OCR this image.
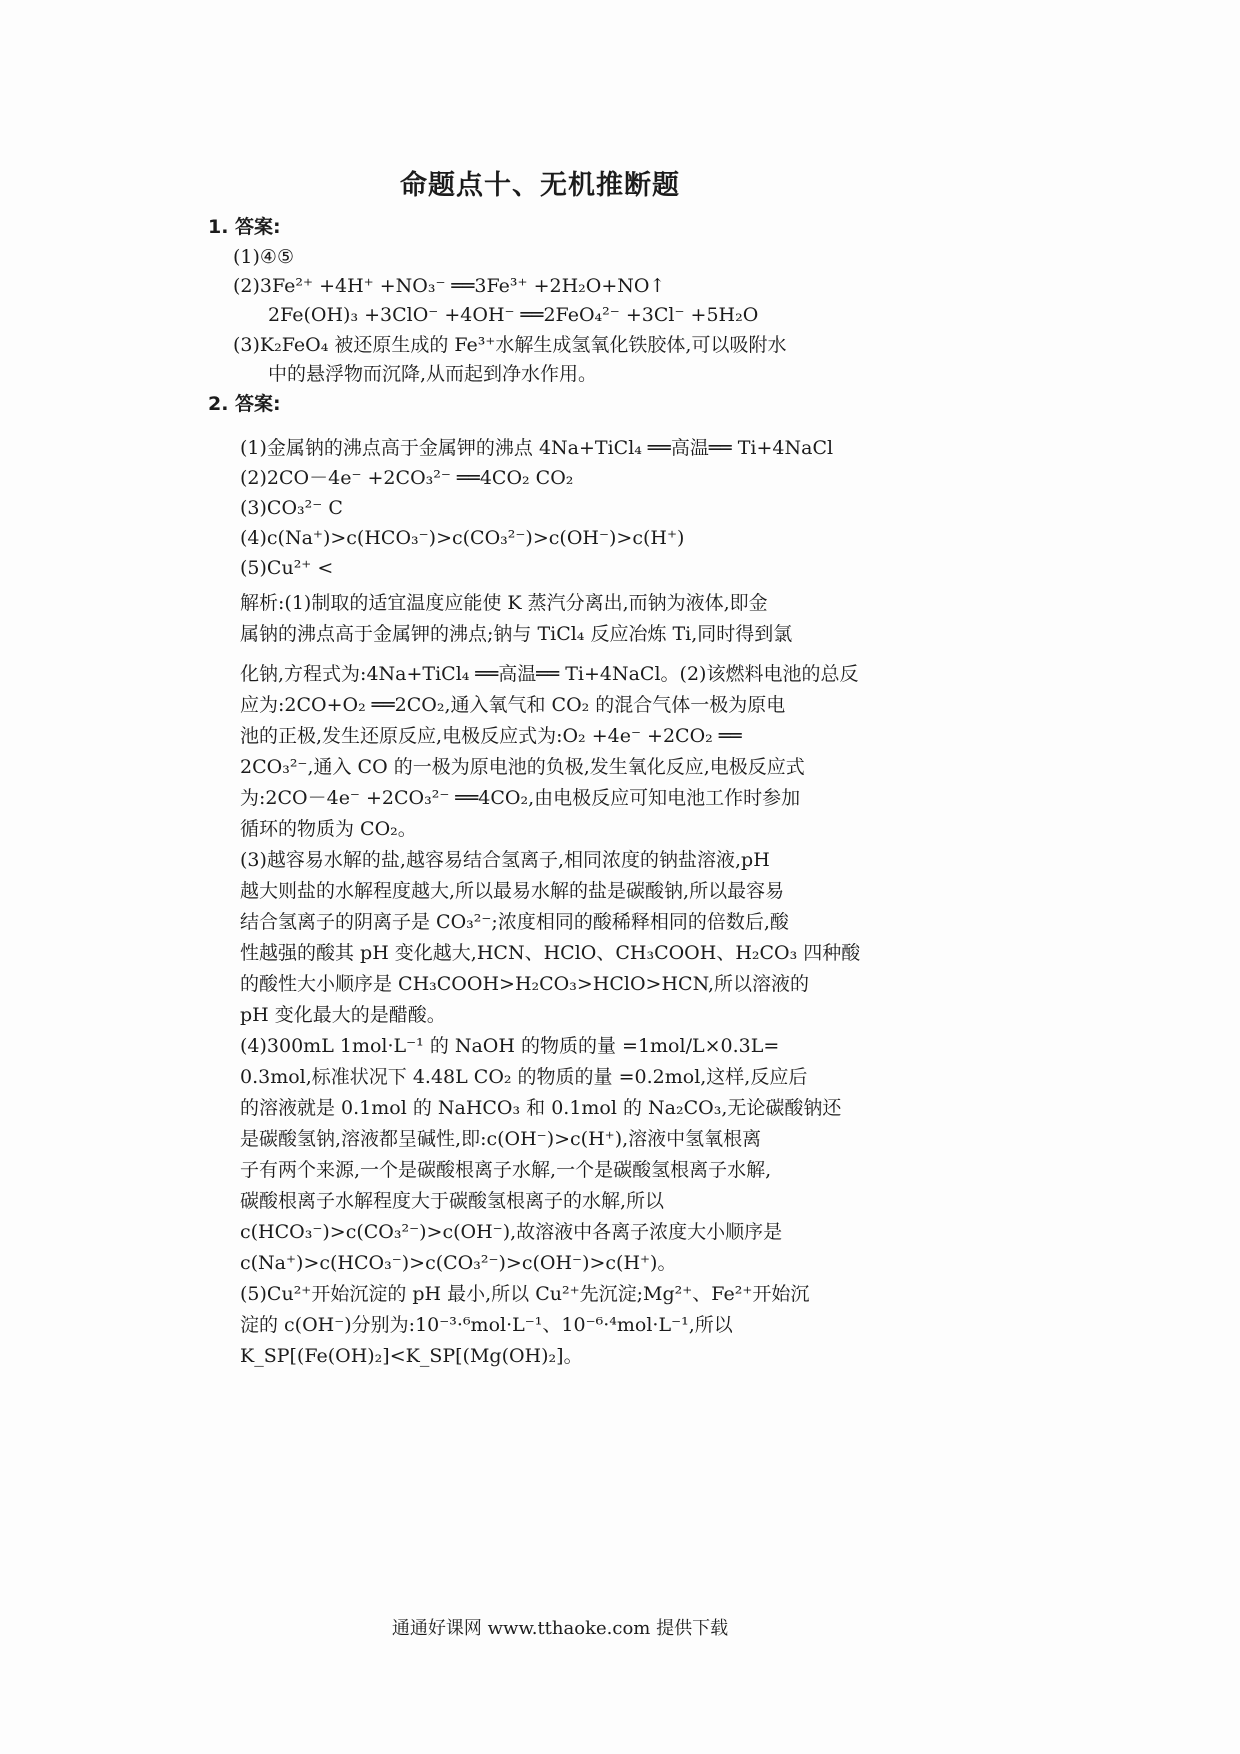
命题点十、无机推断题
1. 答案:
(1)④⑤
(2)3Fe²⁺ +4H⁺ +NO₃⁻ ══3Fe³⁺ +2H₂O+NO↑
2Fe(OH)₃ +3ClO⁻ +4OH⁻ ══2FeO₄²⁻ +3Cl⁻ +5H₂O
(3)K₂FeO₄ 被还原生成的 Fe³⁺水解生成氢氧化铁胶体,可以吸附水
中的悬浮物而沉降,从而起到净水作用。
2. 答案:
(1)金属钠的沸点高于金属钾的沸点 4Na+TiCl₄ ══高温══ Ti+4NaCl
(2)2CO－4e⁻ +2CO₃²⁻ ══4CO₂ CO₂
(3)CO₃²⁻ C
(4)c(Na⁺)>c(HCO₃⁻)>c(CO₃²⁻)>c(OH⁻)>c(H⁺)
(5)Cu²⁺ <
解析:(1)制取的适宜温度应能使 K 蒸汽分离出,而钠为液体,即金
属钠的沸点高于金属钾的沸点;钠与 TiCl₄ 反应冶炼 Ti,同时得到氯
化钠,方程式为:4Na+TiCl₄ ══高温══ Ti+4NaCl。(2)该燃料电池的总反
应为:2CO+O₂ ══2CO₂,通入氧气和 CO₂ 的混合气体一极为原电
池的正极,发生还原反应,电极反应式为:O₂ +4e⁻ +2CO₂ ══
2CO₃²⁻,通入 CO 的一极为原电池的负极,发生氧化反应,电极反应式
为:2CO－4e⁻ +2CO₃²⁻ ══4CO₂,由电极反应可知电池工作时参加
循环的物质为 CO₂。
(3)越容易水解的盐,越容易结合氢离子,相同浓度的钠盐溶液,pH
越大则盐的水解程度越大,所以最易水解的盐是碳酸钠,所以最容易
结合氢离子的阴离子是 CO₃²⁻;浓度相同的酸稀释相同的倍数后,酸
性越强的酸其 pH 变化越大,HCN、HClO、CH₃COOH、H₂CO₃ 四种酸
的酸性大小顺序是 CH₃COOH>H₂CO₃>HClO>HCN,所以溶液的
pH 变化最大的是醋酸。
(4)300mL 1mol·L⁻¹ 的 NaOH 的物质的量 =1mol/L×0.3L=
0.3mol,标准状况下 4.48L CO₂ 的物质的量 =0.2mol,这样,反应后
的溶液就是 0.1mol 的 NaHCO₃ 和 0.1mol 的 Na₂CO₃,无论碳酸钠还
是碳酸氢钠,溶液都呈碱性,即:c(OH⁻)>c(H⁺),溶液中氢氧根离
子有两个来源,一个是碳酸根离子水解,一个是碳酸氢根离子水解,
碳酸根离子水解程度大于碳酸氢根离子的水解,所以
c(HCO₃⁻)>c(CO₃²⁻)>c(OH⁻),故溶液中各离子浓度大小顺序是
c(Na⁺)>c(HCO₃⁻)>c(CO₃²⁻)>c(OH⁻)>c(H⁺)。
(5)Cu²⁺开始沉淀的 pH 最小,所以 Cu²⁺先沉淀;Mg²⁺、Fe²⁺开始沉
淀的 c(OH⁻)分别为:10⁻³·⁶mol·L⁻¹、10⁻⁶·⁴mol·L⁻¹,所以
K_SP[(Fe(OH)₂]<K_SP[(Mg(OH)₂]。
通通好课网 www.tthaoke.com 提供下载
